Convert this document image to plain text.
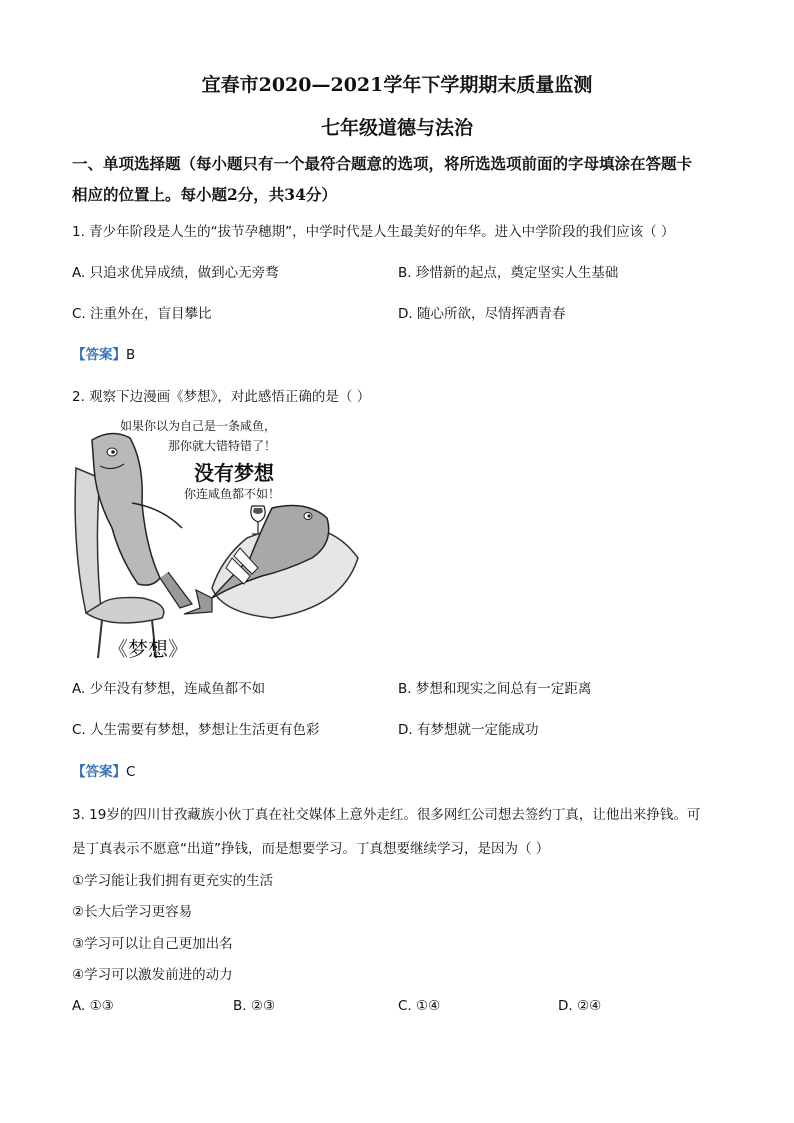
宜春市2020—2021学年下学期期末质量监测
七年级道德与法治
一、单项选择题（每小题只有一个最符合题意的选项，将所选选项前面的字母填涂在答题卡
相应的位置上。每小题2分，共34分）
1. 青少年阶段是人生的“拔节孕穗期”，中学时代是人生最美好的年华。进入中学阶段的我们应该（ ）
A. 只追求优异成绩，做到心无旁骛	B. 珍惜新的起点，奠定坚实人生基础
C. 注重外在，盲目攀比	D. 随心所欲，尽情挥洒青春
【答案】B
2. 观察下边漫画《梦想》，对此感悟正确的是（ ）
如果你以为自己是一条咸鱼，
那你就大错特错了！
没有梦想
你连咸鱼都不如！
《梦想》
A. 少年没有梦想，连咸鱼都不如	B. 梦想和现实之间总有一定距离
C. 人生需要有梦想，梦想让生活更有色彩	D. 有梦想就一定能成功
【答案】C
3. 19岁的四川甘孜藏族小伙丁真在社交媒体上意外走红。很多网红公司想去签约丁真，让他出来挣钱。可
是丁真表示不愿意“出道”挣钱，而是想要学习。丁真想要继续学习，是因为（ ）
①学习能让我们拥有更充实的生活
②长大后学习更容易
③学习可以让自己更加出名
④学习可以激发前进的动力
A. ①③	B. ②③	C. ①④	D. ②④
